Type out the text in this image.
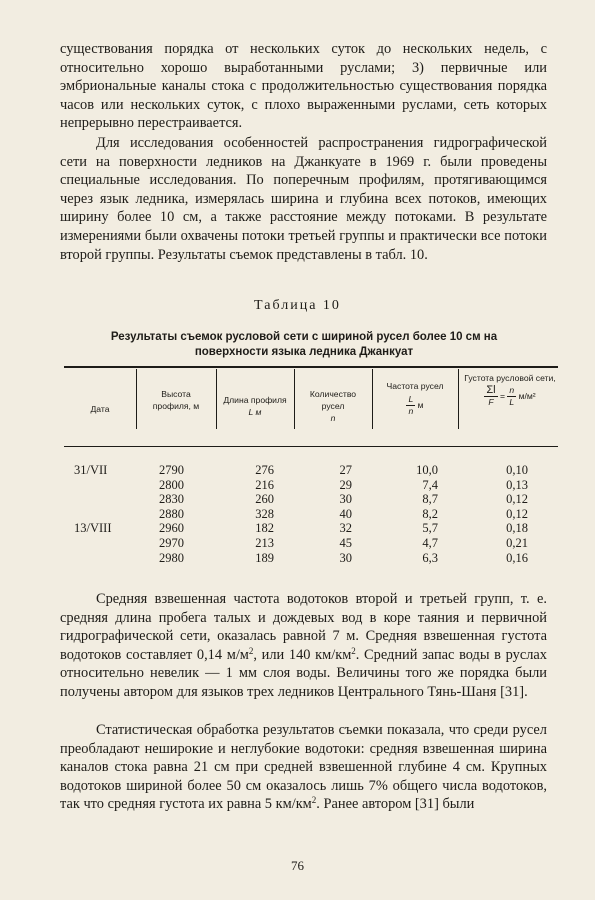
существования порядка от нескольких суток до нескольких недель, с относительно хорошо выработанными руслами; 3) первичные или эмбриональные каналы стока с продолжительностью существования порядка часов или нескольких суток, с плохо выраженными руслами, сеть которых непрерывно перестраивается.

Для исследования особенностей распространения гидрографической сети на поверхности ледников на Джанкуате в 1969 г. были проведены специальные исследования. По поперечным профилям, протягивающимся через язык ледника, измерялась ширина и глубина всех потоков, имеющих ширину более 10 см, а также расстояние между потоками. В результате измерениями были охвачены потоки третьей группы и практически все потоки второй группы. Результаты съемок представлены в табл. 10.

Таблица 10
Результаты съемок русловой сети с шириной русел более 10 см на поверхности языка ледника Джанкуат
Дата
Высота профиля, м
Длина профиля
L м
Количество русел
n
Частота русел
$\frac{L}{n}$ м
Густота русловой сети,
$\frac{\Sigma l}{F} = \frac{n}{L} м/м^2$
31/VII
13/VIII
2790
2800
2830
2880
2960
2970
2980
276
216
260
328
182
213
189
27
29
30
40
32
45
30
10,0
7,4
8,7
8,2
5,7
4,7
6,3
0,10
0,13
0,12
0,12
0,18
0,21
0,16

Средняя взвешенная частота водотоков второй и третьей групп, т. е. средняя длина пробега талых и дождевых вод в коре таяния и первичной гидрографической сети, оказалась равной 7 м. Средняя взвешенная густота водотоков составляет 0,14 $м/м^2$, или 140 $км/км^2$. Средний запас воды в руслах относительно невелик — 1 мм слоя воды. Величины того же порядка были получены автором для языков трех ледников Центрального Тянь-Шаня [31].

Статистическая обработка результатов съемки показала, что среди русел преобладают неширокие и неглубокие водотоки: средняя взвешенная ширина каналов стока равна 21 см при средней взвешенной глубине 4 см. Крупных водотоков шириной более 50 см оказалось лишь 7% общего числа водотоков, так что средняя густота их равна 5 $км/км^2$. Ранее автором [31] были

76
